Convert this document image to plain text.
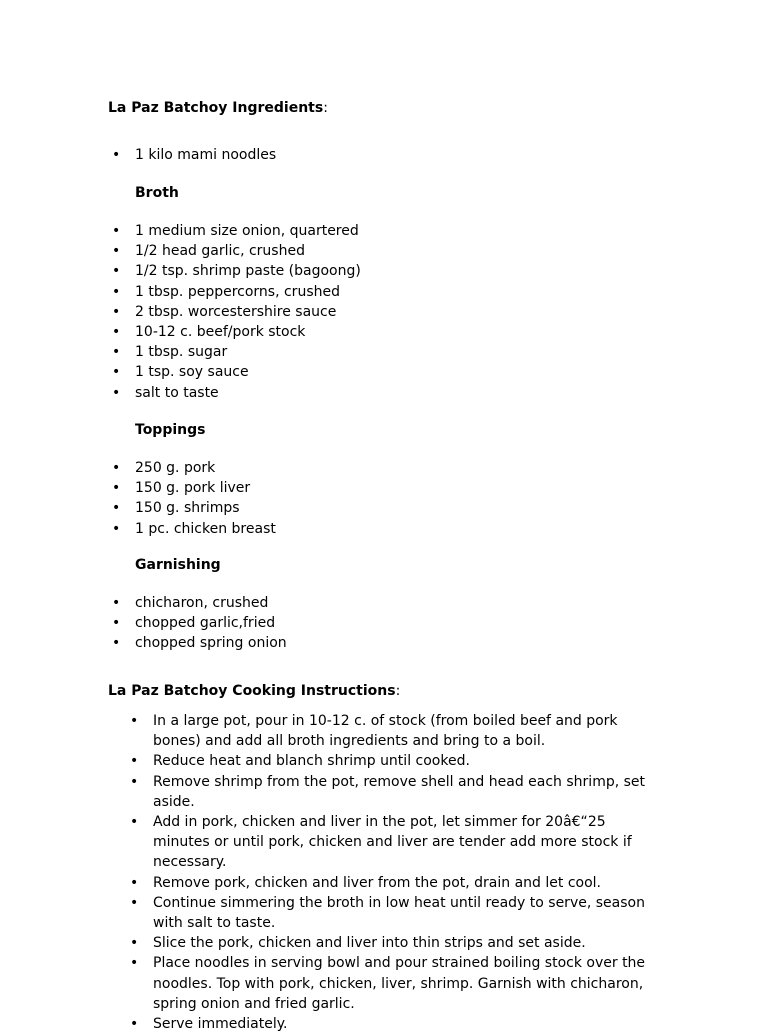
La Paz Batchoy Ingredients:
• 1 kilo mami noodles
Broth
• 1 medium size onion, quartered
• 1/2 head garlic, crushed
• 1/2 tsp. shrimp paste (bagoong)
• 1 tbsp. peppercorns, crushed
• 2 tbsp. worcestershire sauce
• 10-12 c. beef/pork stock
• 1 tbsp. sugar
• 1 tsp. soy sauce
• salt to taste
Toppings
• 250 g. pork
• 150 g. pork liver
• 150 g. shrimps
• 1 pc. chicken breast
Garnishing
• chicharon, crushed
• chopped garlic,fried
• chopped spring onion
La Paz Batchoy Cooking Instructions:
• In a large pot, pour in 10-12 c. of stock (from boiled beef and pork bones) and add all broth ingredients and bring to a boil.
• Reduce heat and blanch shrimp until cooked.
• Remove shrimp from the pot, remove shell and head each shrimp, set aside.
• Add in pork, chicken and liver in the pot, let simmer for 20â€“25 minutes or until pork, chicken and liver are tender add more stock if necessary.
• Remove pork, chicken and liver from the pot, drain and let cool.
• Continue simmering the broth in low heat until ready to serve, season with salt to taste.
• Slice the pork, chicken and liver into thin strips and set aside.
• Place noodles in serving bowl and pour strained boiling stock over the noodles. Top with pork, chicken, liver, shrimp. Garnish with chicharon, spring onion and fried garlic.
• Serve immediately.
